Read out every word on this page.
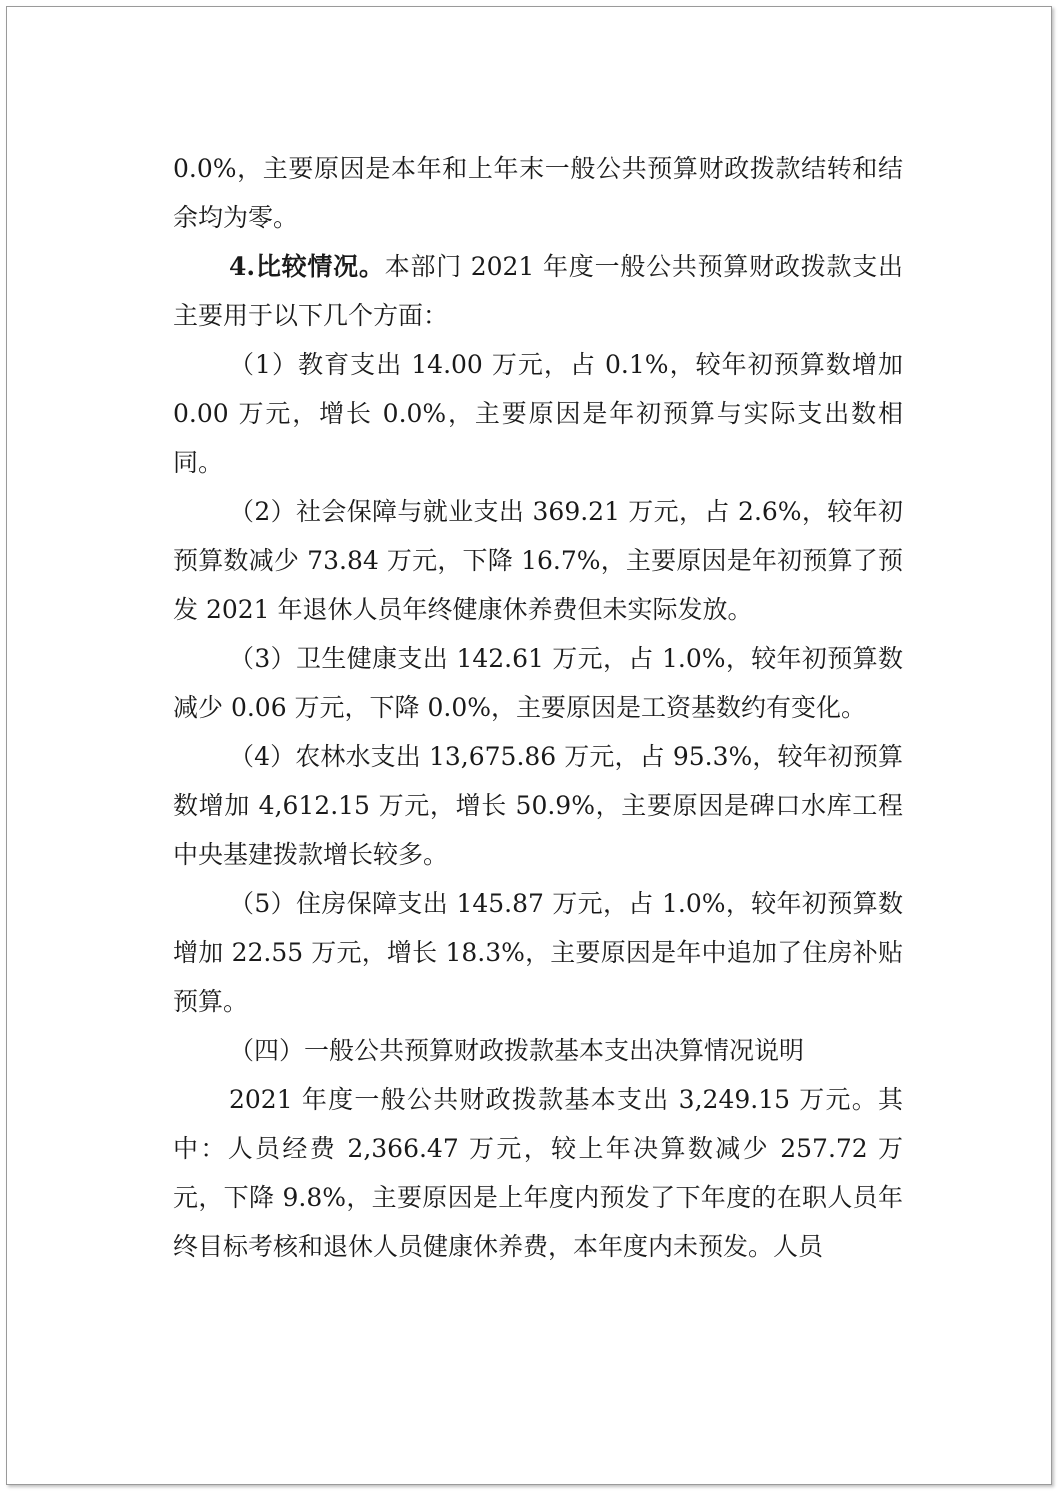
0.0%，主要原因是本年和上年末一般公共预算财政拨款结转和结余均为零。

4.比较情况。本部门 2021 年度一般公共预算财政拨款支出主要用于以下几个方面：

（1）教育支出 14.00 万元，占 0.1%，较年初预算数增加 0.00 万元，增长 0.0%，主要原因是年初预算与实际支出数相同。

（2）社会保障与就业支出 369.21 万元，占 2.6%，较年初预算数减少 73.84 万元，下降 16.7%，主要原因是年初预算了预发 2021 年退休人员年终健康休养费但未实际发放。

（3）卫生健康支出 142.61 万元，占 1.0%，较年初预算数减少 0.06 万元，下降 0.0%，主要原因是工资基数约有变化。

（4）农林水支出 13,675.86 万元，占 95.3%，较年初预算数增加 4,612.15 万元，增长 50.9%，主要原因是碑口水库工程中央基建拨款增长较多。

（5）住房保障支出 145.87 万元，占 1.0%，较年初预算数增加 22.55 万元，增长 18.3%，主要原因是年中追加了住房补贴预算。

（四）一般公共预算财政拨款基本支出决算情况说明

2021 年度一般公共财政拨款基本支出 3,249.15 万元。其中：人员经费 2,366.47 万元，较上年决算数减少 257.72 万元，下降 9.8%，主要原因是上年度内预发了下年度的在职人员年终目标考核和退休人员健康休养费，本年度内未预发。人员
